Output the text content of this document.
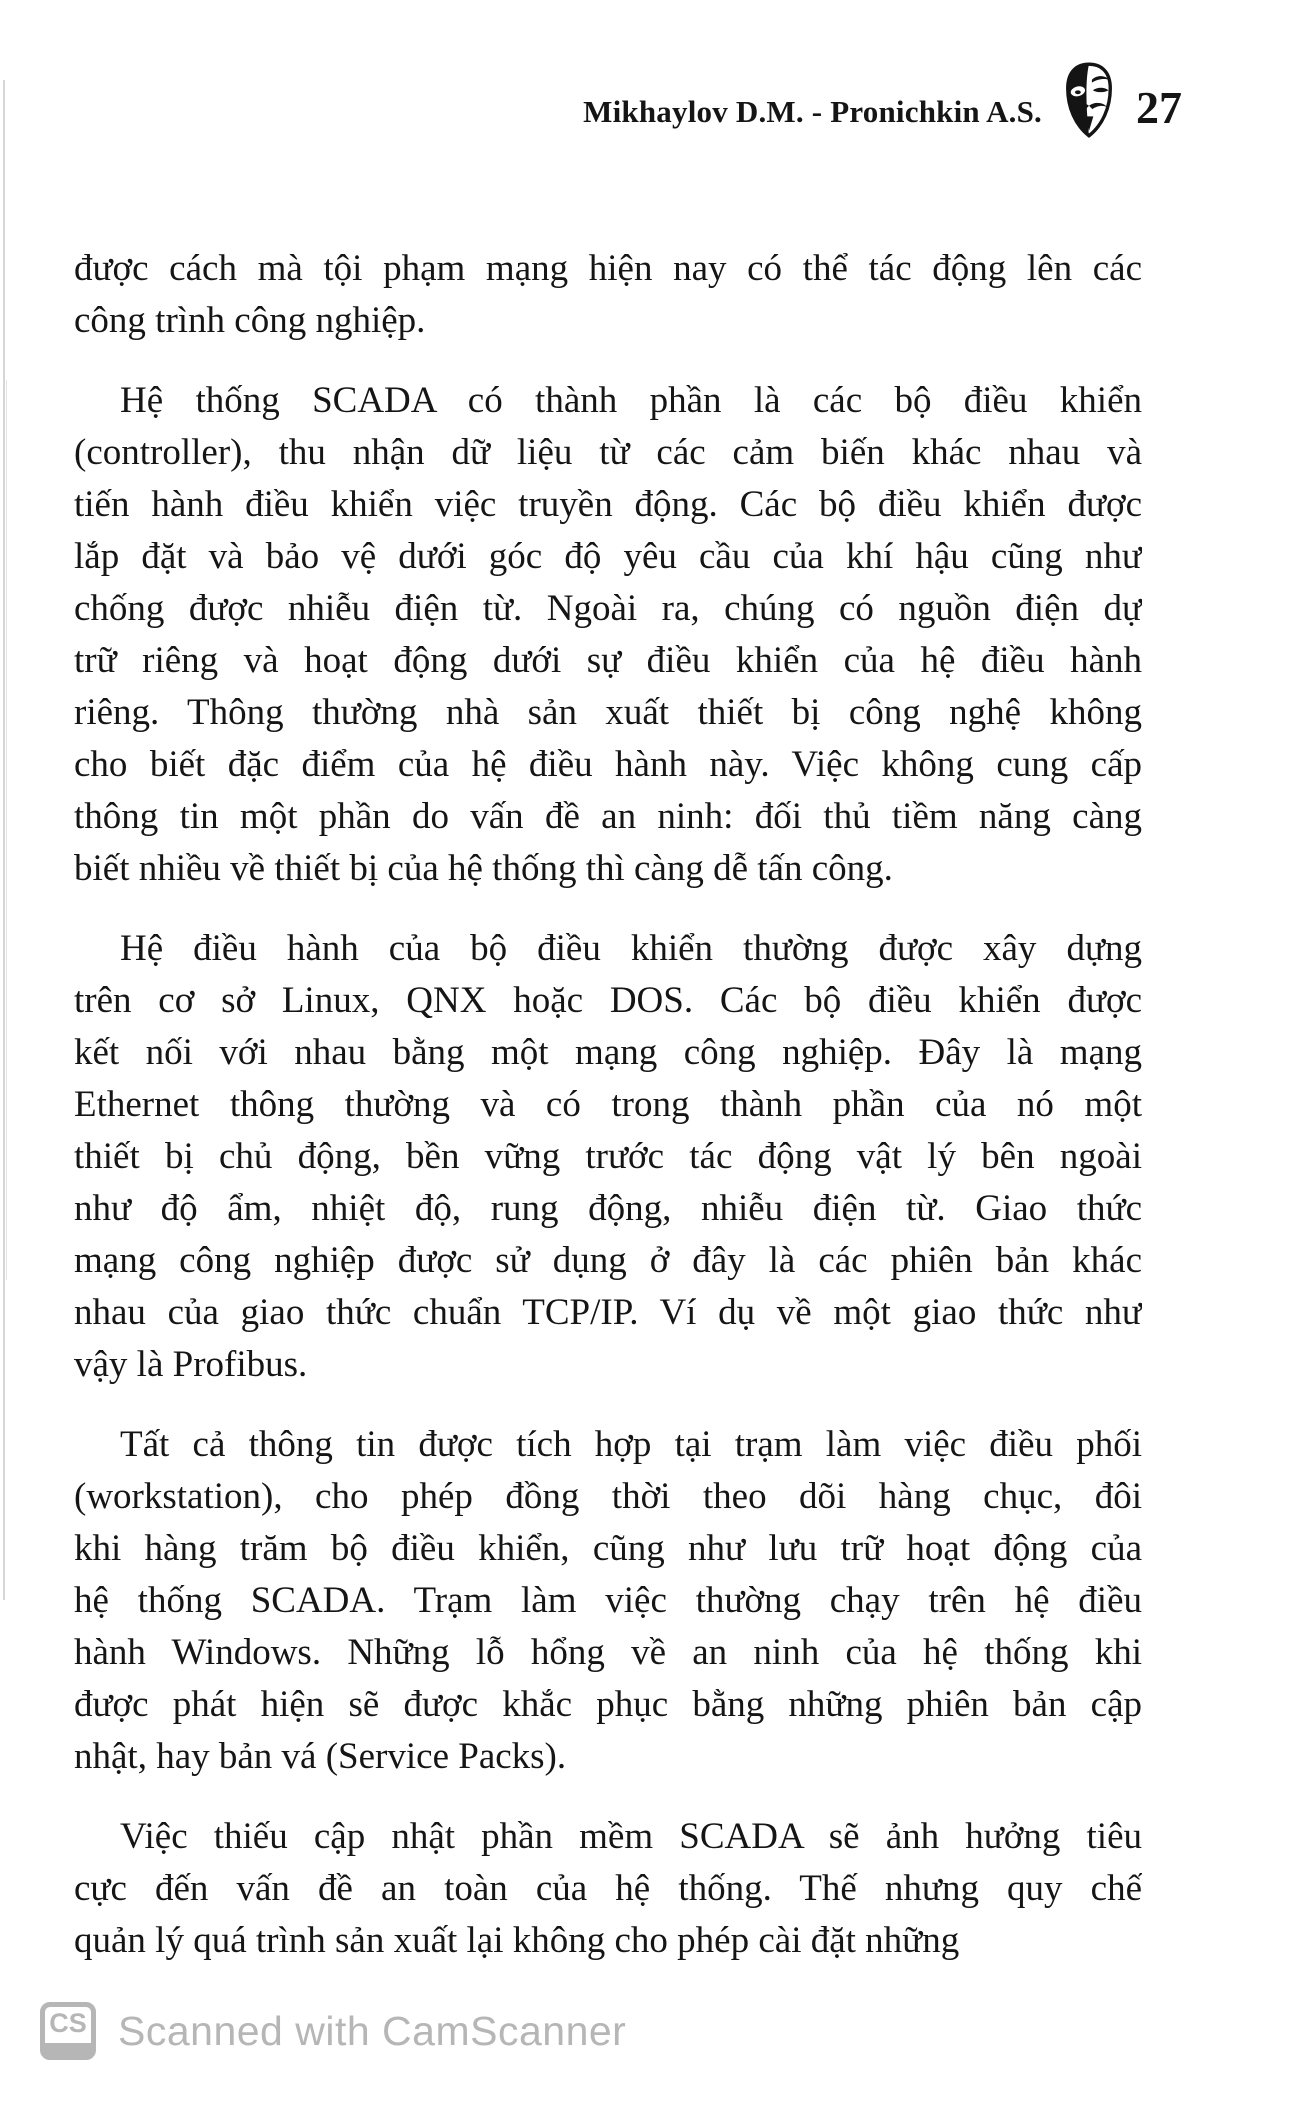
Mikhaylov D.M. - Pronichkin A.S. 27
được cách mà tội phạm mạng hiện nay có thể tác động lên các
công trình công nghiệp.
Hệ thống SCADA có thành phần là các bộ điều khiển
(controller), thu nhận dữ liệu từ các cảm biến khác nhau và
tiến hành điều khiển việc truyền động. Các bộ điều khiển được
lắp đặt và bảo vệ dưới góc độ yêu cầu của khí hậu cũng như
chống được nhiễu điện từ. Ngoài ra, chúng có nguồn điện dự
trữ riêng và hoạt động dưới sự điều khiển của hệ điều hành
riêng. Thông thường nhà sản xuất thiết bị công nghệ không
cho biết đặc điểm của hệ điều hành này. Việc không cung cấp
thông tin một phần do vấn đề an ninh: đối thủ tiềm năng càng
biết nhiều về thiết bị của hệ thống thì càng dễ tấn công.
Hệ điều hành của bộ điều khiển thường được xây dựng
trên cơ sở Linux, QNX hoặc DOS. Các bộ điều khiển được
kết nối với nhau bằng một mạng công nghiệp. Đây là mạng
Ethernet thông thường và có trong thành phần của nó một
thiết bị chủ động, bền vững trước tác động vật lý bên ngoài
như độ ẩm, nhiệt độ, rung động, nhiễu điện từ. Giao thức
mạng công nghiệp được sử dụng ở đây là các phiên bản khác
nhau của giao thức chuẩn TCP/IP. Ví dụ về một giao thức như
vậy là Profibus.
Tất cả thông tin được tích hợp tại trạm làm việc điều phối
(workstation), cho phép đồng thời theo dõi hàng chục, đôi
khi hàng trăm bộ điều khiển, cũng như lưu trữ hoạt động của
hệ thống SCADA. Trạm làm việc thường chạy trên hệ điều
hành Windows. Những lỗ hổng về an ninh của hệ thống khi
được phát hiện sẽ được khắc phục bằng những phiên bản cập
nhật, hay bản vá (Service Packs).
Việc thiếu cập nhật phần mềm SCADA sẽ ảnh hưởng tiêu
cực đến vấn đề an toàn của hệ thống. Thế nhưng quy chế
quản lý quá trình sản xuất lại không cho phép cài đặt những
CS Scanned with CamScanner
